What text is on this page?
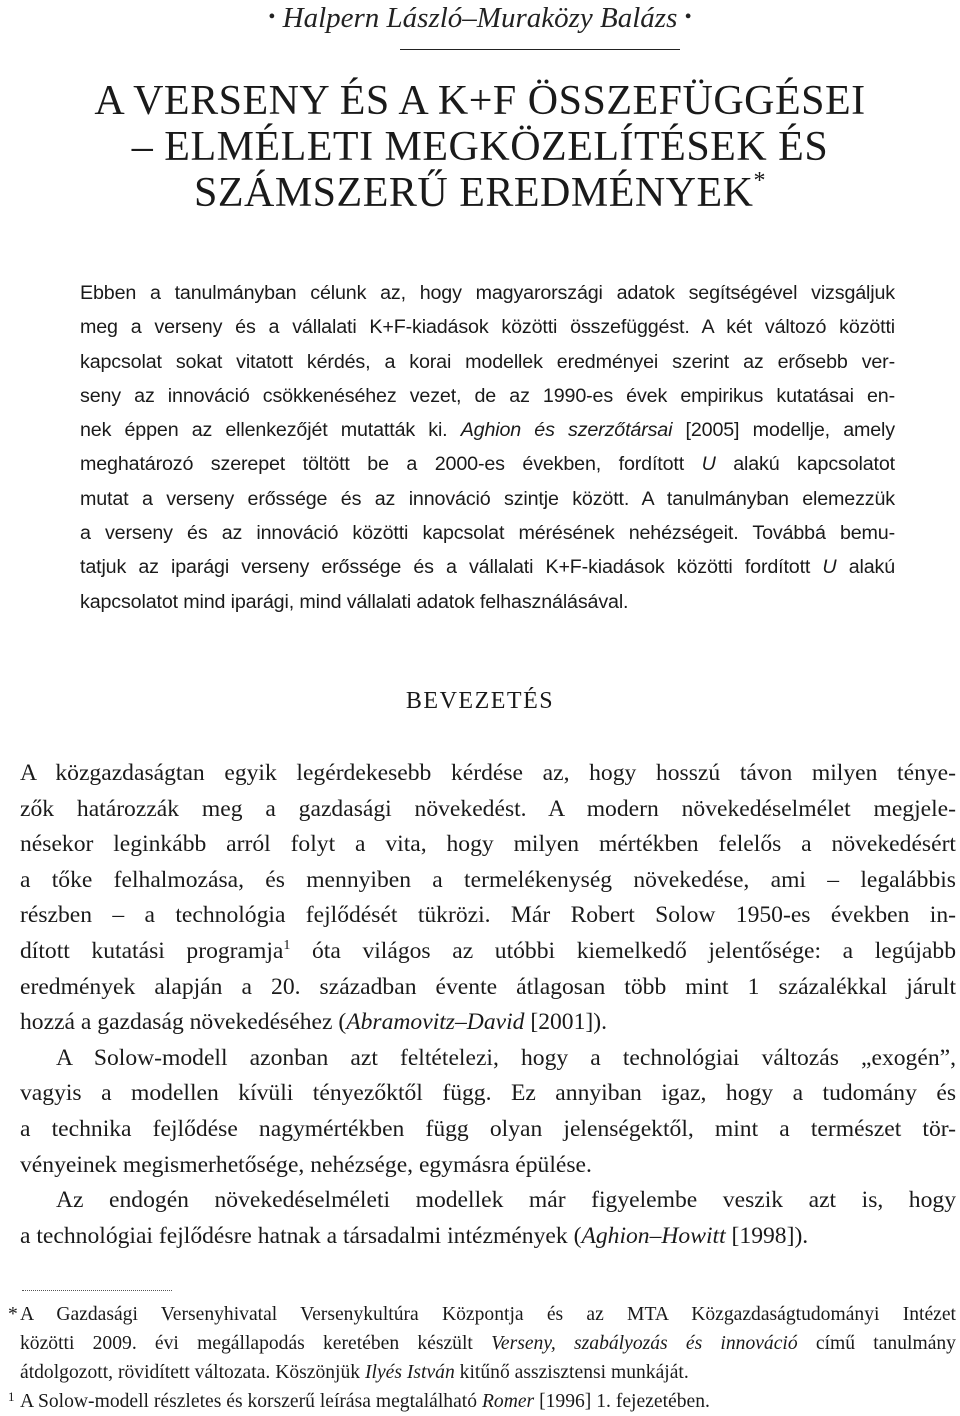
• Halpern László–Muraközy Balázs •
A VERSENY ÉS A K+F ÖSSZEFÜGGÉSEI
– ELMÉLETI MEGKÖZELÍTÉSEK ÉS
SZÁMSZERŰ EREDMÉNYEK*
Ebben a tanulmányban célunk az, hogy magyarországi adatok segítségével vizsgáljuk
meg a verseny és a vállalati K+F-kiadások közötti összefüggést. A két változó közötti
kapcsolat sokat vitatott kérdés, a korai modellek eredményei szerint az erősebb ver-
seny az innováció csökkenéséhez vezet, de az 1990-es évek empirikus kutatásai en-
nek éppen az ellenkezőjét mutatták ki. Aghion és szerzőtársai [2005] modellje, amely
meghatározó szerepet töltött be a 2000-es években, fordított U alakú kapcsolatot
mutat a verseny erőssége és az innováció szintje között. A tanulmányban elemezzük
a verseny és az innováció közötti kapcsolat mérésének nehézségeit. Továbbá bemu-
tatjuk az iparági verseny erőssége és a vállalati K+F-kiadások közötti fordított U alakú
kapcsolatot mind iparági, mind vállalati adatok felhasználásával.
BEVEZETÉS
A közgazdaságtan egyik legérdekesebb kérdése az, hogy hosszú távon milyen ténye-
zők határozzák meg a gazdasági növekedést. A modern növekedéselmélet megjele-
nésekor leginkább arról folyt a vita, hogy milyen mértékben felelős a növekedésért
a tőke felhalmozása, és mennyiben a termelékenység növekedése, ami – legalábbis
részben – a technológia fejlődését tükrözi. Már Robert Solow 1950-es években in-
dított kutatási programja$^1$ óta világos az utóbbi kiemelkedő jelentősége: a legújabb
eredmények alapján a 20. században évente átlagosan több mint 1 százalékkal járult
hozzá a gazdaság növekedéséhez (Abramovitz–David [2001]).
A Solow-modell azonban azt feltételezi, hogy a technológiai változás „exogén”,
vagyis a modellen kívüli tényezőktől függ. Ez annyiban igaz, hogy a tudomány és
a technika fejlődése nagymértékben függ olyan jelenségektől, mint a természet tör-
vényeinek megismerhetősége, nehézsége, egymásra épülése.
Az endogén növekedéselméleti modellek már figyelembe veszik azt is, hogy
a technológiai fejlődésre hatnak a társadalmi intézmények (Aghion–Howitt [1998]).
* A Gazdasági Versenyhivatal Versenykultúra Központja és az MTA Közgazdaságtudományi Intézet
közötti 2009. évi megállapodás keretében készült Verseny, szabályozás és innováció című tanulmány
átdolgozott, rövidített változata. Köszönjük Ilyés István kitűnő asszisztensi munkáját.
$^1$ A Solow-modell részletes és korszerű leírása megtalálható Romer [1996] 1. fejezetében.
